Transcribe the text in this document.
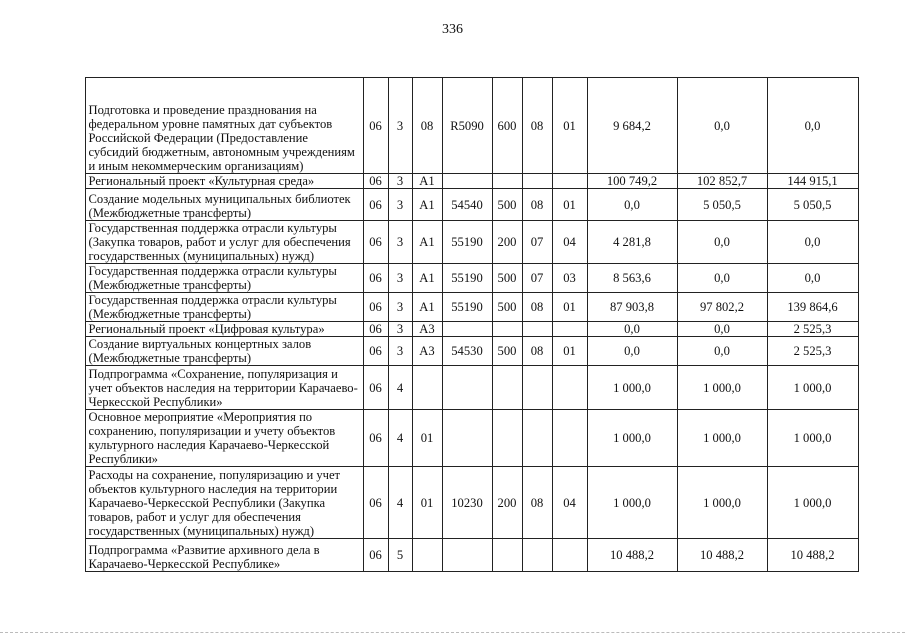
336
	Подготовка и проведение празднования на федеральном уровне памятных дат субъектов Российской Федерации (Предоставление субсидий бюджетным, автономным учреждениям и иным некоммерческим организациям)	06	3	08	R5090	600	08	01	9 684,2	0,0	0,0
	Региональный проект «Культурная среда»	06	3	A1					100 749,2	102 852,7	144 915,1
	Создание модельных муниципальных библиотек (Межбюджетные трансферты)	06	3	A1	54540	500	08	01	0,0	5 050,5	5 050,5
	Государственная поддержка отрасли культуры (Закупка товаров, работ и услуг для обеспечения государственных (муниципальных) нужд)	06	3	A1	55190	200	07	04	4 281,8	0,0	0,0
	Государственная поддержка отрасли культуры (Межбюджетные трансферты)	06	3	A1	55190	500	07	03	8 563,6	0,0	0,0
	Государственная поддержка отрасли культуры (Межбюджетные трансферты)	06	3	A1	55190	500	08	01	87 903,8	97 802,2	139 864,6
	Региональный проект «Цифровая культура»	06	3	A3					0,0	0,0	2 525,3
	Создание виртуальных концертных залов (Межбюджетные трансферты)	06	3	A3	54530	500	08	01	0,0	0,0	2 525,3
	Подпрограмма «Сохранение, популяризация и учет объектов наследия на территории Карачаево-Черкесской Республики»	06	4						1 000,0	1 000,0	1 000,0
	Основное мероприятие «Мероприятия по сохранению, популяризации и учету объектов культурного наследия Карачаево-Черкесской Республики»	06	4	01					1 000,0	1 000,0	1 000,0
	Расходы на сохранение, популяризацию и учет объектов культурного наследия на территории Карачаево-Черкесской Республики (Закупка товаров, работ и услуг для обеспечения государственных (муниципальных) нужд)	06	4	01	10230	200	08	04	1 000,0	1 000,0	1 000,0
	Подпрограмма «Развитие архивного дела в Карачаево-Черкесской Республике»	06	5						10 488,2	10 488,2	10 488,2
